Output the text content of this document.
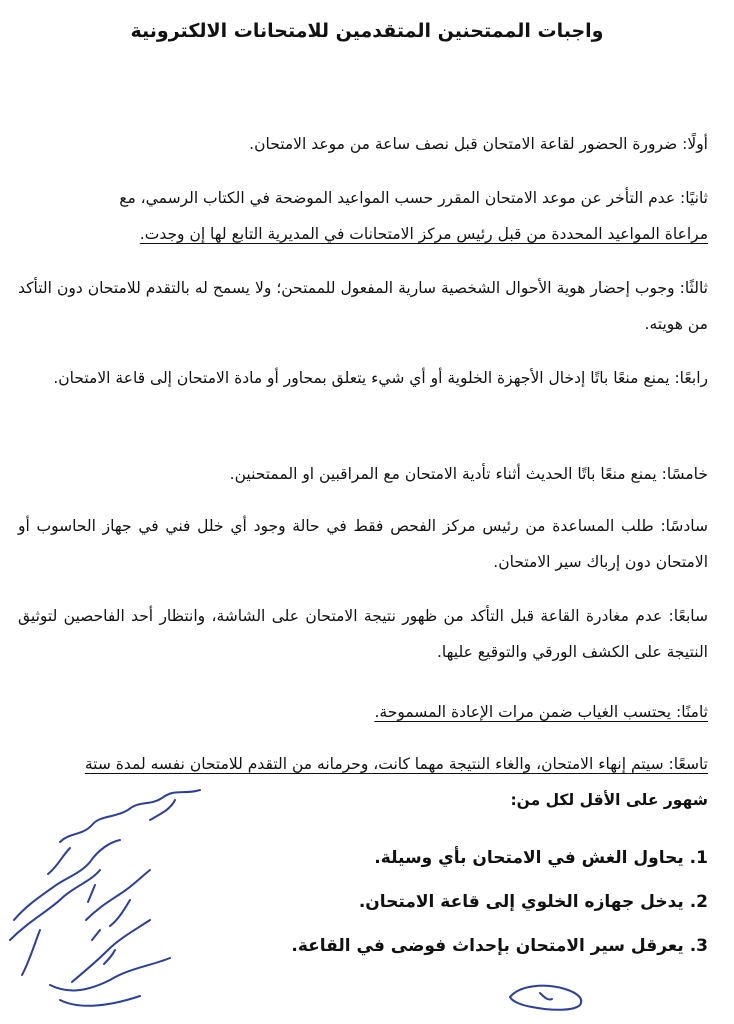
واجبات الممتحنين المتقدمين للامتحانات الالكترونية
أولًا: ضرورة الحضور لقاعة الامتحان قبل نصف ساعة من موعد الامتحان.
ثانيًا: عدم التأخر عن موعد الامتحان المقرر حسب المواعيد الموضحة في الكتاب الرسمي، مع
مراعاة المواعيد المحددة من قبل رئيس مركز الامتحانات في المديرية التابع لها إن وجدت.
ثالثًا: وجوب إحضار هوية الأحوال الشخصية سارية المفعول للممتحن؛ ولا يسمح له بالتقدم للامتحان دون التأكد من هويته.
رابعًا: يمنع منعًا باتًا إدخال الأجهزة الخلوية أو أي شيء يتعلق بمحاور أو مادة الامتحان إلى قاعة الامتحان.
خامسًا: يمنع منعًا باتًا الحديث أثناء تأدية الامتحان مع المراقبين او الممتحنين.
سادسًا: طلب المساعدة من رئيس مركز الفحص فقط في حالة وجود أي خلل فني في جهاز الحاسوب أو الامتحان دون إرباك سير الامتحان.
سابعًا: عدم مغادرة القاعة قبل التأكد من ظهور نتيجة الامتحان على الشاشة، وانتظار أحد الفاحصين لتوثيق النتيجة على الكشف الورقي والتوقيع عليها.
ثامنًا: يحتسب الغياب ضمن مرات الإعادة المسموحة.
تاسعًا: سيتم إنهاء الامتحان، والغاء النتيجة مهما كانت، وحرمانه من التقدم للامتحان نفسه لمدة ستة
شهور على الأقل لكل من:
1. يحاول الغش في الامتحان بأي وسيلة.
2. يدخل جهازه الخلوي إلى قاعة الامتحان.
3. يعرقل سير الامتحان بإحداث فوضى في القاعة.
